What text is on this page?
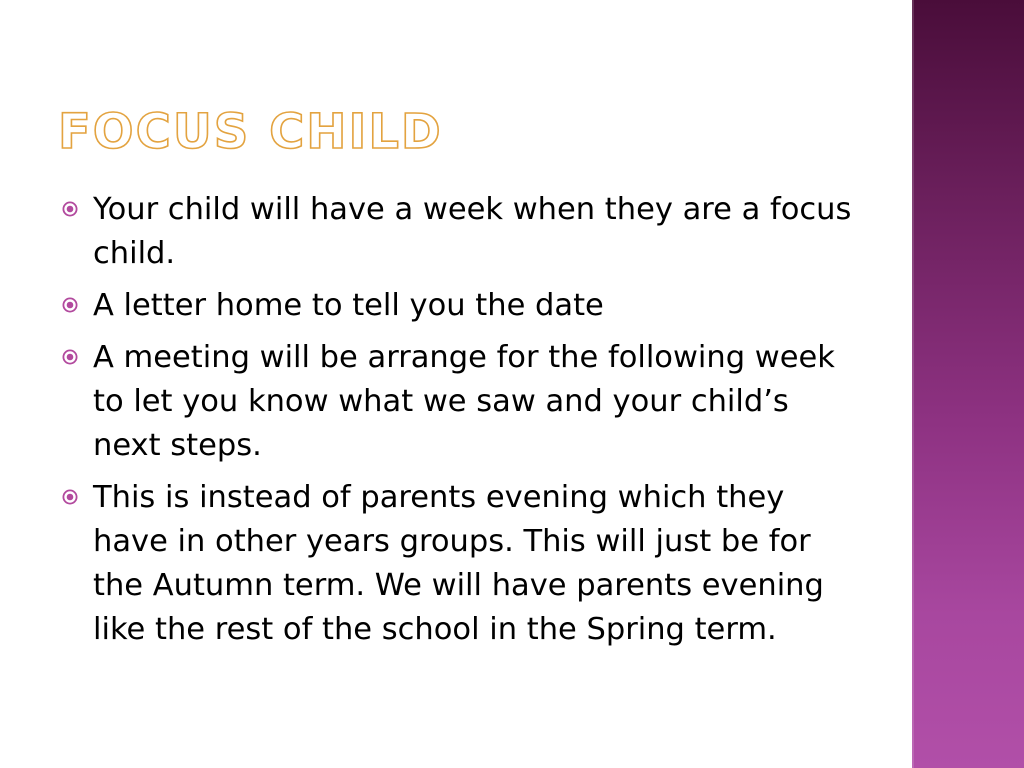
FOCUS CHILD
Your child will have a week when they are a focus child.
A letter home to tell you the date
A meeting will be arrange for the following week to let you know what we saw and your child’s next steps.
This is instead of parents evening which they have in other years groups. This will just be for the Autumn term. We will have parents evening like the rest of the school in the Spring term.
